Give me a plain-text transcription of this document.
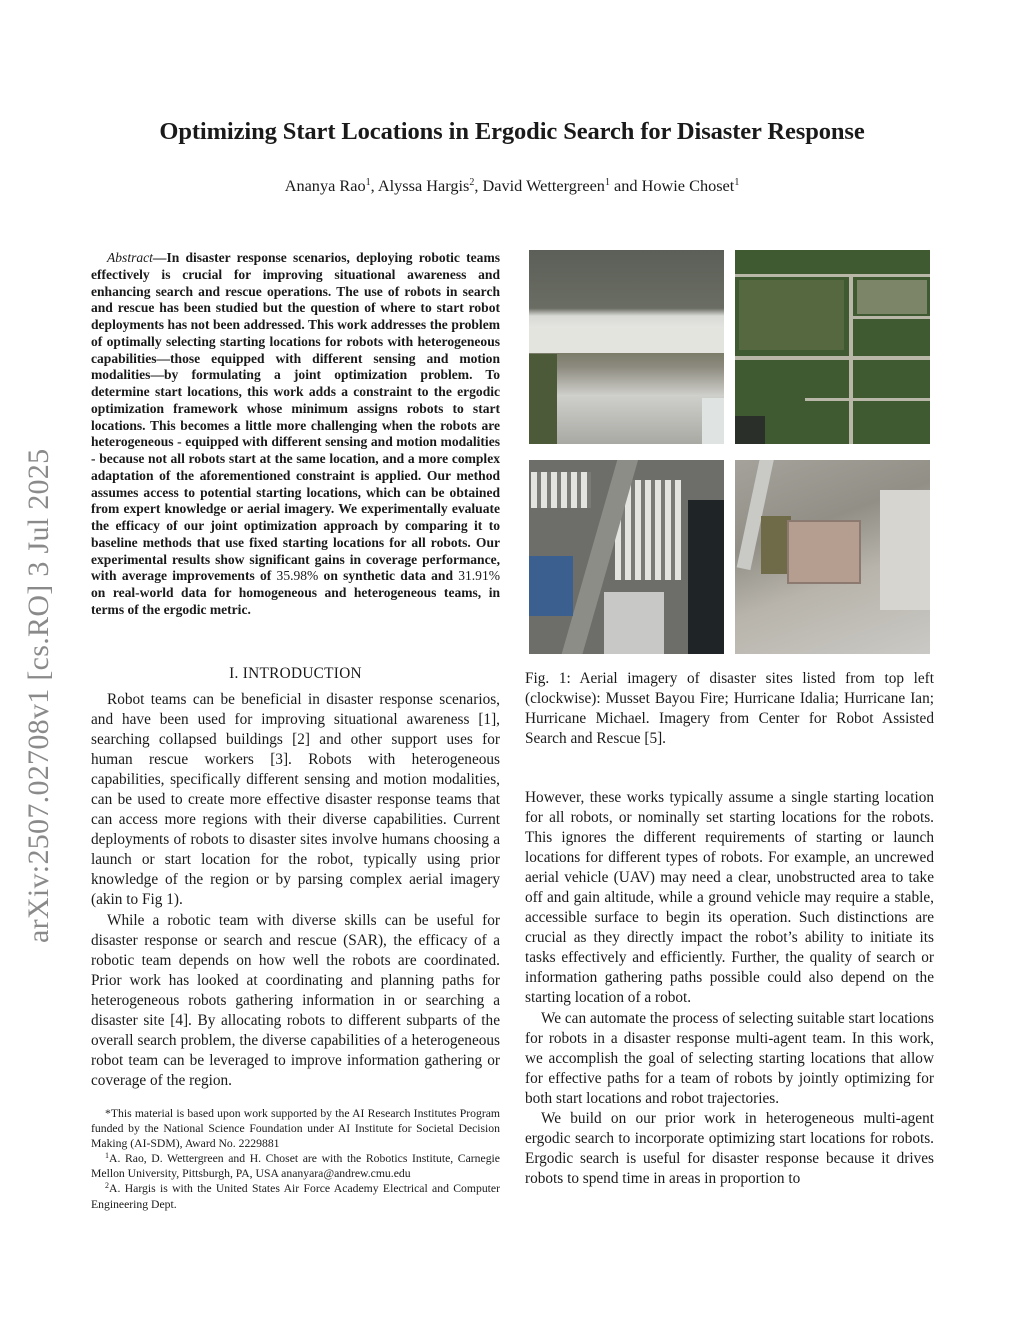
arXiv:2507.02708v1 [cs.RO] 3 Jul 2025
Optimizing Start Locations in Ergodic Search for Disaster Response
Ananya Rao$^1$, Alyssa Hargis$^2$, David Wettergreen$^1$ and Howie Choset$^1$

Abstract—In disaster response scenarios, deploying robotic teams effectively is crucial for improving situational awareness and enhancing search and rescue operations. The use of robots in search and rescue has been studied but the question of where to start robot deployments has not been addressed. This work addresses the problem of optimally selecting starting locations for robots with heterogeneous capabilities—those equipped with different sensing and motion modalities—by formulating a joint optimization problem. To determine start locations, this work adds a constraint to the ergodic optimization framework whose minimum assigns robots to start locations. This becomes a little more challenging when the robots are heterogeneous - equipped with different sensing and motion modalities - because not all robots start at the same location, and a more complex adaptation of the aforementioned constraint is applied. Our method assumes access to potential starting locations, which can be obtained from expert knowledge or aerial imagery. We experimentally evaluate the efficacy of our joint optimization approach by comparing it to baseline methods that use fixed starting locations for all robots. Our experimental results show significant gains in coverage performance, with average improvements of 35.98% on synthetic data and 31.91% on real-world data for homogeneous and heterogeneous teams, in terms of the ergodic metric.

I. INTRODUCTION

Robot teams can be beneficial in disaster response scenarios, and have been used for improving situational awareness [1], searching collapsed buildings [2] and other support uses for human rescue workers [3]. Robots with heterogeneous capabilities, specifically different sensing and motion modalities, can be used to create more effective disaster response teams that can access more regions with their diverse capabilities. Current deployments of robots to disaster sites involve humans choosing a launch or start location for the robot, typically using prior knowledge of the region or by parsing complex aerial imagery (akin to Fig 1).

While a robotic team with diverse skills can be useful for disaster response or search and rescue (SAR), the efficacy of a robotic team depends on how well the robots are coordinated. Prior work has looked at coordinating and planning paths for heterogeneous robots gathering information in or searching a disaster site [4]. By allocating robots to different subparts of the overall search problem, the diverse capabilities of a heterogeneous robot team can be leveraged to improve information gathering or coverage of the region.

*This material is based upon work supported by the AI Research Institutes Program funded by the National Science Foundation under AI Institute for Societal Decision Making (AI-SDM), Award No. 2229881

$^1$A. Rao, D. Wettergreen and H. Choset are with the Robotics Institute, Carnegie Mellon University, Pittsburgh, PA, USA ananyara@andrew.cmu.edu

$^2$A. Hargis is with the United States Air Force Academy Electrical and Computer Engineering Dept.

Fig. 1: Aerial imagery of disaster sites listed from top left (clockwise): Musset Bayou Fire; Hurricane Idalia; Hurricane Ian; Hurricane Michael. Imagery from Center for Robot Assisted Search and Rescue [5].

However, these works typically assume a single starting location for all robots, or nominally set starting locations for the robots. This ignores the different requirements of starting or launch locations for different types of robots. For example, an uncrewed aerial vehicle (UAV) may need a clear, unobstructed area to take off and gain altitude, while a ground vehicle may require a stable, accessible surface to begin its operation. Such distinctions are crucial as they directly impact the robot’s ability to initiate its tasks effectively and efficiently. Further, the quality of search or information gathering paths possible could also depend on the starting location of a robot.

We can automate the process of selecting suitable start locations for robots in a disaster response multi-agent team. In this work, we accomplish the goal of selecting starting locations that allow for effective paths for a team of robots by jointly optimizing for both start locations and robot trajectories.

We build on our prior work in heterogeneous multi-agent ergodic search to incorporate optimizing start locations for robots. Ergodic search is useful for disaster response because it drives robots to spend time in areas in proportion to
